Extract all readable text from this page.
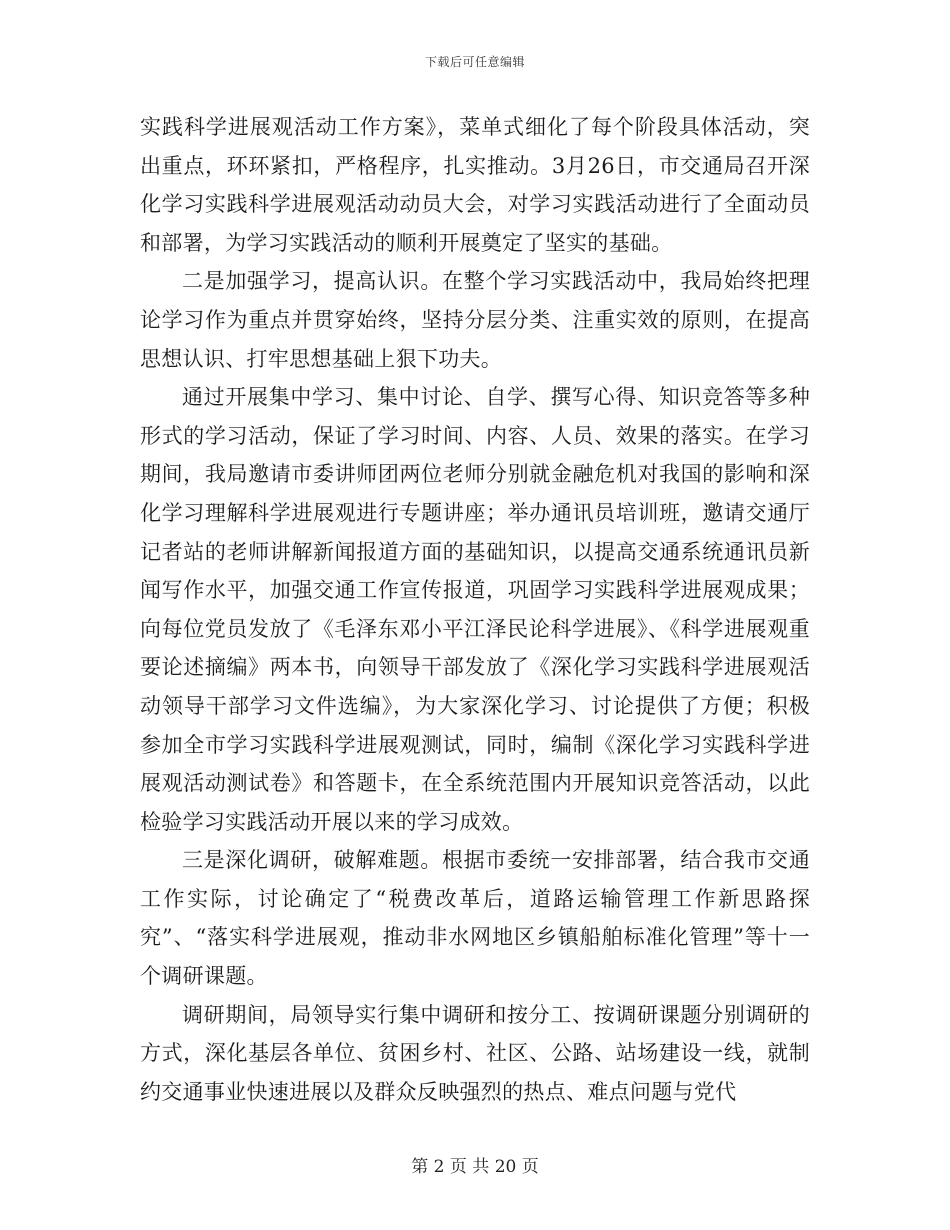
下载后可任意编辑

实践科学进展观活动工作方案》，菜单式细化了每个阶段具体活动，突出重点，环环紧扣，严格程序，扎实推动。3月26日，市交通局召开深化学习实践科学进展观活动动员大会，对学习实践活动进行了全面动员和部署，为学习实践活动的顺利开展奠定了坚实的基础。

二是加强学习，提高认识。在整个学习实践活动中，我局始终把理论学习作为重点并贯穿始终，坚持分层分类、注重实效的原则，在提高思想认识、打牢思想基础上狠下功夫。

通过开展集中学习、集中讨论、自学、撰写心得、知识竞答等多种形式的学习活动，保证了学习时间、内容、人员、效果的落实。在学习期间，我局邀请市委讲师团两位老师分别就金融危机对我国的影响和深化学习理解科学进展观进行专题讲座；举办通讯员培训班，邀请交通厅记者站的老师讲解新闻报道方面的基础知识，以提高交通系统通讯员新闻写作水平，加强交通工作宣传报道，巩固学习实践科学进展观成果；向每位党员发放了《毛泽东邓小平江泽民论科学进展》、《科学进展观重要论述摘编》两本书，向领导干部发放了《深化学习实践科学进展观活动领导干部学习文件选编》，为大家深化学习、讨论提供了方便；积极参加全市学习实践科学进展观测试，同时，编制《深化学习实践科学进展观活动测试卷》和答题卡，在全系统范围内开展知识竞答活动，以此检验学习实践活动开展以来的学习成效。

三是深化调研，破解难题。根据市委统一安排部署，结合我市交通工作实际，讨论确定了“税费改革后，道路运输管理工作新思路探究”、“落实科学进展观，推动非水网地区乡镇船舶标准化管理”等十一个调研课题。

调研期间，局领导实行集中调研和按分工、按调研课题分别调研的方式，深化基层各单位、贫困乡村、社区、公路、站场建设一线，就制约交通事业快速进展以及群众反映强烈的热点、难点问题与党代

第 2 页 共 20 页
